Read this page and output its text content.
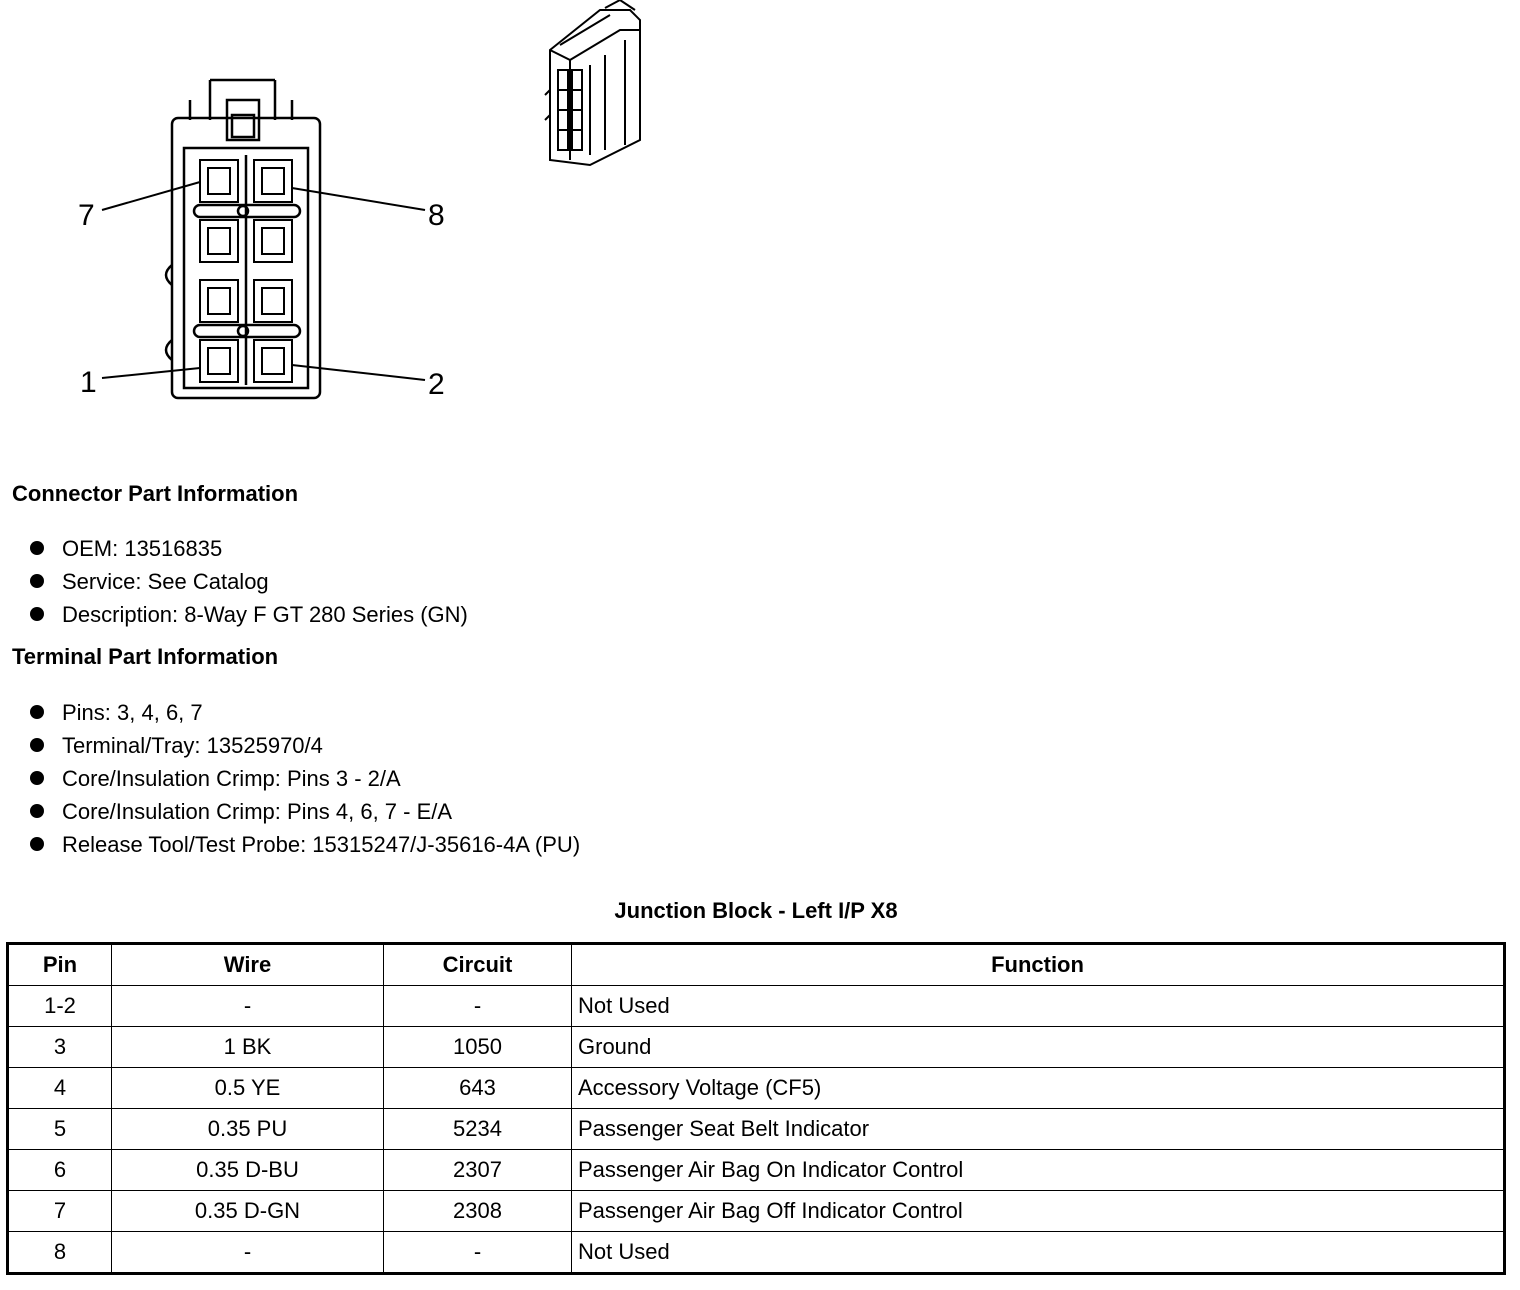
7	8
1	2
Connector Part Information
OEM: 13516835
Service: See Catalog
Description: 8-Way F GT 280 Series (GN)
Terminal Part Information
Pins: 3, 4, 6, 7
Terminal/Tray: 13525970/4
Core/Insulation Crimp: Pins 3 - 2/A
Core/Insulation Crimp: Pins 4, 6, 7 - E/A
Release Tool/Test Probe: 15315247/J-35616-4A (PU)
Junction Block - Left I/P X8
Pin	Wire	Circuit	Function
1-2	-	-	Not Used
3	1 BK	1050	Ground
4	0.5 YE	643	Accessory Voltage (CF5)
5	0.35 PU	5234	Passenger Seat Belt Indicator
6	0.35 D-BU	2307	Passenger Air Bag On Indicator Control
7	0.35 D-GN	2308	Passenger Air Bag Off Indicator Control
8	-	-	Not Used
